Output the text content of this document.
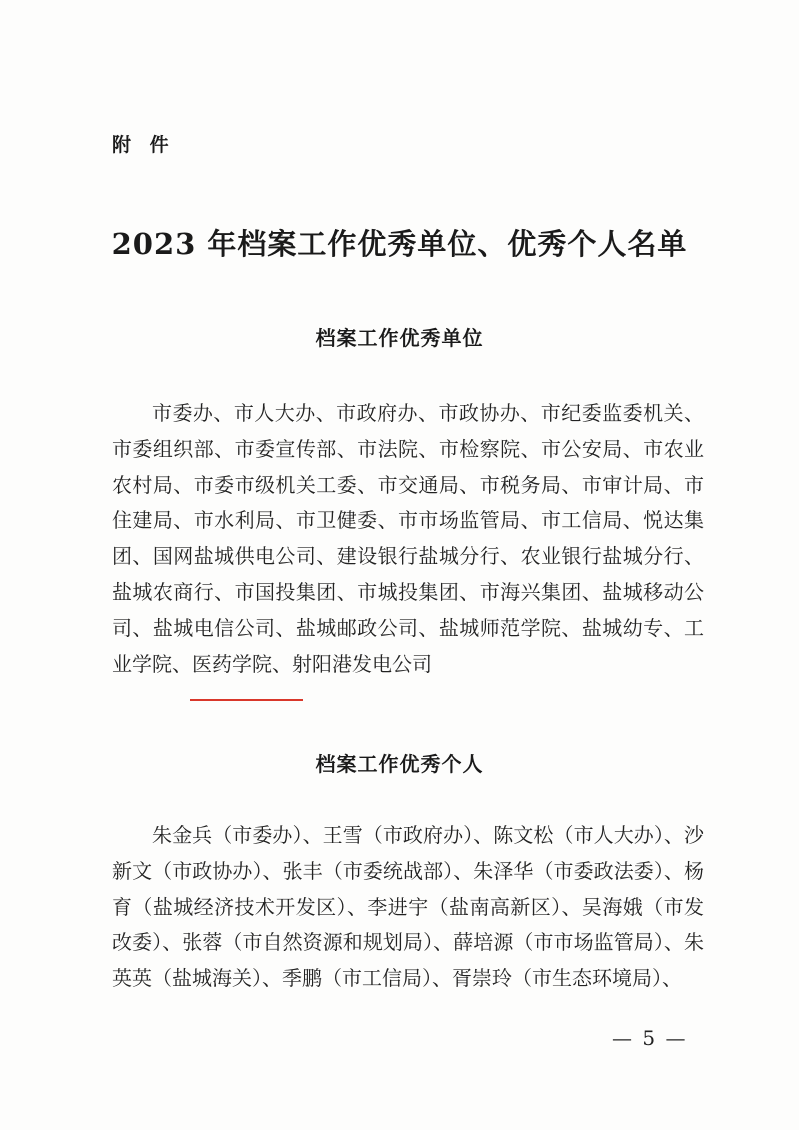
附 件
2023 年档案工作优秀单位、优秀个人名单
档案工作优秀单位
市委办、市人大办、市政府办、市政协办、市纪委监委机关、市委组织部、市委宣传部、市法院、市检察院、市公安局、市农业农村局、市委市级机关工委、市交通局、市税务局、市审计局、市住建局、市水利局、市卫健委、市市场监管局、市工信局、悦达集团、国网盐城供电公司、建设银行盐城分行、农业银行盐城分行、盐城农商行、市国投集团、市城投集团、市海兴集团、盐城移动公司、盐城电信公司、盐城邮政公司、盐城师范学院、盐城幼专、工业学院、医药学院、射阳港发电公司
档案工作优秀个人
朱金兵（市委办）、王雪（市政府办）、陈文松（市人大办）、沙新文（市政协办）、张丰（市委统战部）、朱泽华（市委政法委）、杨育（盐城经济技术开发区）、李进宇（盐南高新区）、吴海娥（市发改委）、张蓉（市自然资源和规划局）、薛培源（市市场监管局）、朱英英（盐城海关）、季鹏（市工信局）、胥崇玲（市生态环境局）、
— 5 —
